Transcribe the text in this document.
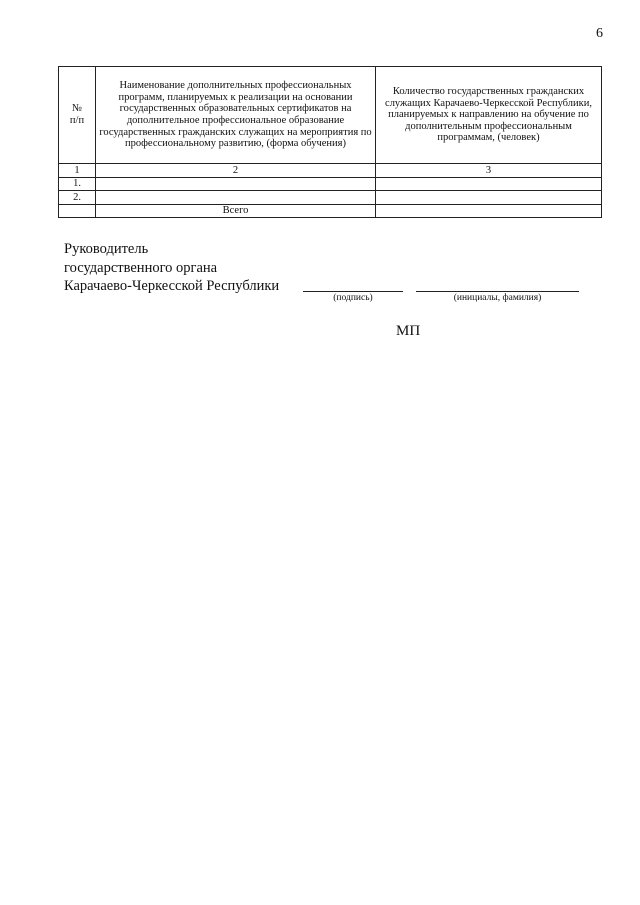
6
№
п/п	Наименование дополнительных профессиональных программ, планируемых к реализации на основании государственных образовательных сертификатов на дополнительное профессиональное образование государственных гражданских служащих на мероприятия по профессиональному развитию, (форма обучения)	Количество государственных гражданских служащих Карачаево-Черкесской Республики, планируемых к направлению на обучение по дополнительным профессиональным программам, (человек)
1	2	3
1.		
2.		
	Всего	
Руководитель
государственного органа
Карачаево-Черкесской Республики
(подпись)	(инициалы, фамилия)
МП
